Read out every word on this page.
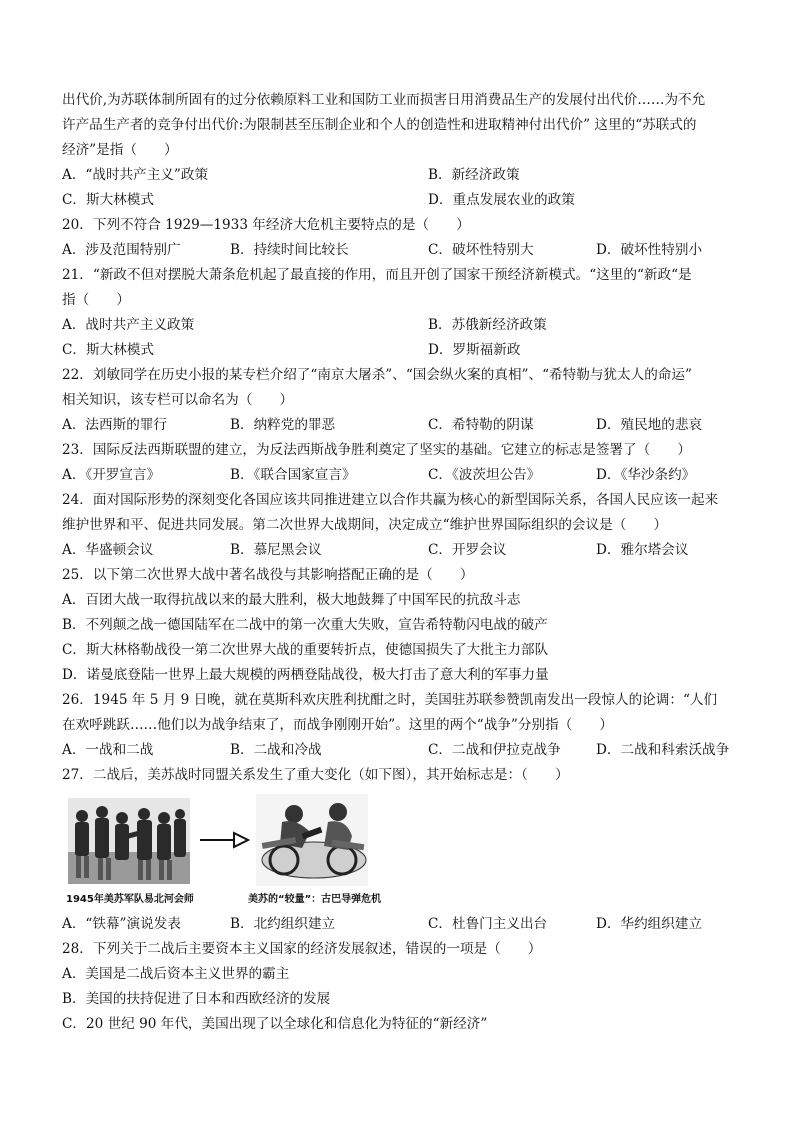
出代价,为苏联体制所固有的过分依赖原料工业和国防工业而损害日用消费品生产的发展付出代价……为不允
许产品生产者的竞争付出代价:为限制甚至压制企业和个人的创造性和进取精神付出代价” 这里的“苏联式的
经济”是指（　　）
A．“战时共产主义”政策	B．新经济政策
C．斯大林模式	D．重点发展农业的政策
20．下列不符合 1929—1933 年经济大危机主要特点的是（　　）
A．涉及范围特别广	B．持续时间比较长	C．破坏性特别大	D．破坏性特别小
21．“新政不但对摆脱大萧条危机起了最直接的作用，而且开创了国家干预经济新模式。“这里的“新政“是
指（　　）
A．战时共产主义政策	B．苏俄新经济政策
C．斯大林模式	D．罗斯福新政
22．刘敏同学在历史小报的某专栏介绍了“南京大屠杀”、“国会纵火案的真相”、“希特勒与犹太人的命运”
相关知识，该专栏可以命名为（　　）
A．法西斯的罪行	B．纳粹党的罪恶	C．希特勒的阴谋	D．殖民地的悲哀
23．国际反法西斯联盟的建立，为反法西斯战争胜利奠定了坚实的基础。它建立的标志是签署了（　　）
A．《开罗宣言》	B．《联合国家宣言》	C．《波茨坦公告》	D．《华沙条约》
24．面对国际形势的深刻变化各国应该共同推进建立以合作共赢为核心的新型国际关系，各国人民应该一起来
维护世界和平、促进共同发展。第二次世界大战期间，决定成立“维护世界国际组织的会议是（　　）
A．华盛顿会议	B．慕尼黑会议	C．开罗会议	D．雅尔塔会议
25．以下第二次世界大战中著名战役与其影响搭配正确的是（　　）
A．百团大战一取得抗战以来的最大胜利，极大地鼓舞了中国军民的抗敌斗志
B．不列颠之战一德国陆军在二战中的第一次重大失败，宣告希特勒闪电战的破产
C．斯大林格勒战役一第二次世界大战的重要转折点，使德国损失了大批主力部队
D．诺曼底登陆一世界上最大规模的两栖登陆战役，极大打击了意大利的军事力量
26．1945 年 5 月 9 日晚，就在莫斯科欢庆胜利扰酣之时，美国驻苏联参赞凯南发出一段惊人的论调：“人们
在欢呼跳跃……他们以为战争结束了，而战争刚刚开始”。这里的两个“战争”分别指（　　）
A．一战和二战	B．二战和冷战	C．二战和伊拉克战争	D．二战和科索沃战争
27．二战后，美苏战时同盟关系发生了重大变化（如下图），其开始标志是：（　　）
1945年美苏军队易北河会师	美苏的“较量”：古巴导弹危机
A．“铁幕”演说发表	B．北约组织建立	C．杜鲁门主义出台	D．华约组织建立
28．下列关于二战后主要资本主义国家的经济发展叙述，错误的一项是（　　）
A．美国是二战后资本主义世界的霸主
B．美国的扶持促进了日本和西欧经济的发展
C．20 世纪 90 年代，美国出现了以全球化和信息化为特征的“新经济”
